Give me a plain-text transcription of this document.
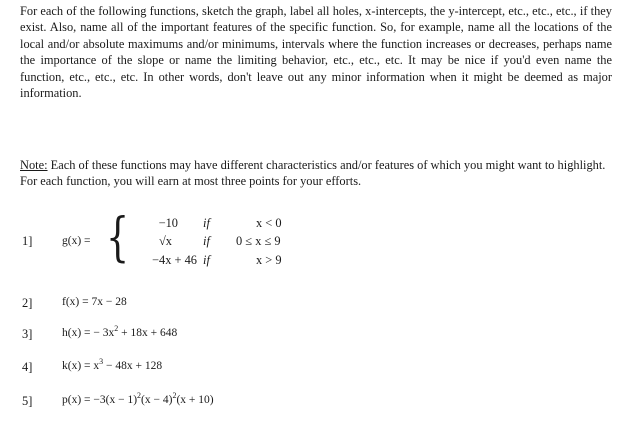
For each of the following functions, sketch the graph, label all holes, x-intercepts, the y-intercept, etc., etc., etc., if they exist. Also, name all of the important features of the specific function. So, for example, name all the locations of the local and/or absolute maximums and/or minimums, intervals where the function increases or decreases, perhaps name the importance of the slope or name the limiting behavior, etc., etc., etc. It may be nice if you'd even name the function, etc., etc., etc. In other words, don't leave out any minor information when it might be deemed as major information.

Note: Each of these functions may have different characteristics and/or features of which you might want to highlight. For each function, you will earn at most three points for your efforts.

1]	g(x) = {	−10 if	x < 0
√x	if 0 ≤ x ≤ 9
−4x + 46 if	x > 9
2]	f(x) = 7x − 28
3]	h(x) = − $3x^2 + 18x + 648$
4]	$k(x) = x^3 - 48x + 128$
5]	$p(x) = -3(x - 1)^2(x - 4)^2(x + 10)$
